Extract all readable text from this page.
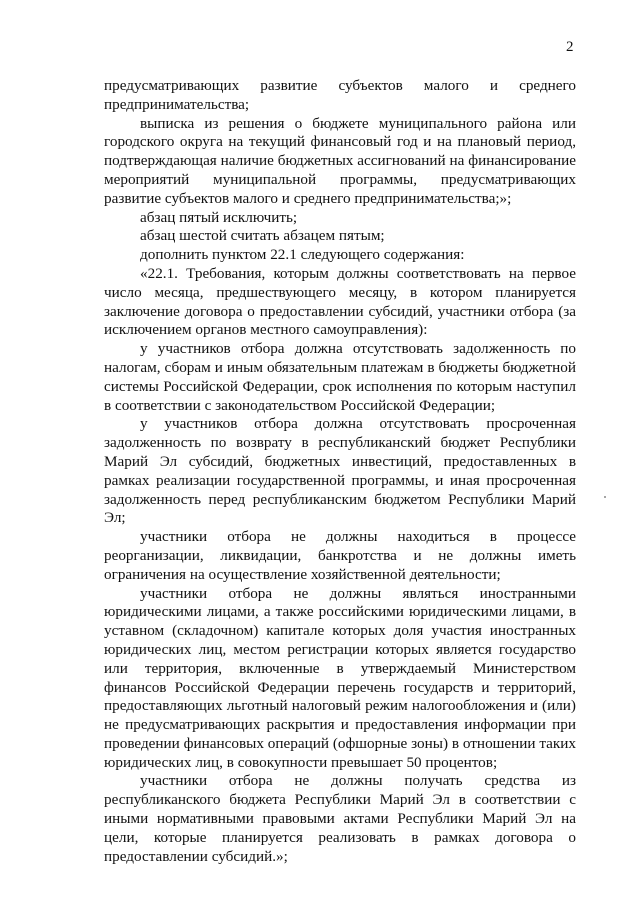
2

предусматривающих развитие субъектов малого и среднего предпринимательства;

выписка из решения о бюджете муниципального района или городского округа на текущий финансовый год и на плановый период, подтверждающая наличие бюджетных ассигнований на финансирование мероприятий муниципальной программы, предусматривающих развитие субъектов малого и среднего предпринимательства;»;

абзац пятый исключить;

абзац шестой считать абзацем пятым;

дополнить пунктом 22.1 следующего содержания:

«22.1. Требования, которым должны соответствовать на первое число месяца, предшествующего месяцу, в котором планируется заключение договора о предоставлении субсидий, участники отбора (за исключением органов местного самоуправления):

у участников отбора должна отсутствовать задолженность по налогам, сборам и иным обязательным платежам в бюджеты бюджетной системы Российской Федерации, срок исполнения по которым наступил в соответствии с законодательством Российской Федерации;

у участников отбора должна отсутствовать просроченная задолженность по возврату в республиканский бюджет Республики Марий Эл субсидий, бюджетных инвестиций, предоставленных в рамках реализации государственной программы, и иная просроченная задолженность перед республиканским бюджетом Республики Марий Эл;

участники отбора не должны находиться в процессе реорганизации, ликвидации, банкротства и не должны иметь ограничения на осуществление хозяйственной деятельности;

участники отбора не должны являться иностранными юридическими лицами, а также российскими юридическими лицами, в уставном (складочном) капитале которых доля участия иностранных юридических лиц, местом регистрации которых является государство или территория, включенные в утверждаемый Министерством финансов Российской Федерации перечень государств и территорий, предоставляющих льготный налоговый режим налогообложения и (или) не предусматривающих раскрытия и предоставления информации при проведении финансовых операций (офшорные зоны) в отношении таких юридических лиц, в совокупности превышает 50 процентов;

участники отбора не должны получать средства из республиканского бюджета Республики Марий Эл в соответствии с иными нормативными правовыми актами Республики Марий Эл на цели, которые планируется реализовать в рамках договора о предоставлении субсидий.»;
